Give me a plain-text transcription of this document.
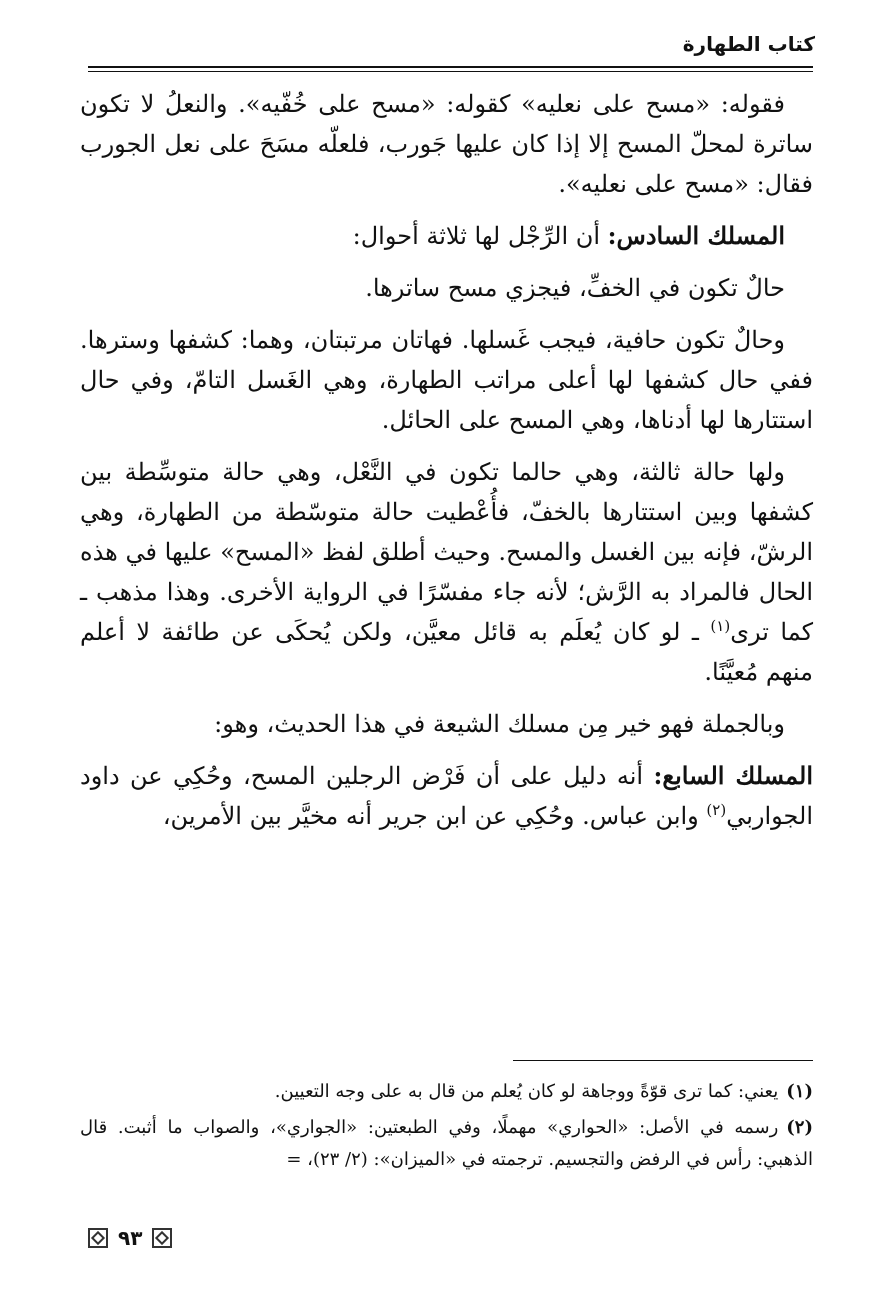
كتاب الطهارة

فقوله: «مسح على نعليه» كقوله: «مسح على خُفّيه». والنعلُ لا تكون ساترة لمحلّ المسح إلا إذا كان عليها جَورب، فلعلّه مسَحَ على نعل الجورب فقال: «مسح على نعليه».

المسلك السادس: أن الرِّجْل لها ثلاثة أحوال:

حالٌ تكون في الخفِّ، فيجزي مسح ساترها.

وحالٌ تكون حافية، فيجب غَسلها. فهاتان مرتبتان، وهما: كشفها وسترها. ففي حال كشفها لها أعلى مراتب الطهارة، وهي الغَسل التامّ، وفي حال استتارها لها أدناها، وهي المسح على الحائل.

ولها حالة ثالثة، وهي حالما تكون في النَّعْل، وهي حالة متوسِّطة بين كشفها وبين استتارها بالخفّ، فأُعْطيت حالة متوسّطة من الطهارة، وهي الرشّ، فإنه بين الغسل والمسح. وحيث أطلق لفظ «المسح» عليها في هذه الحال فالمراد به الرَّش؛ لأنه جاء مفسّرًا في الرواية الأخرى. وهذا مذهب ـ كما ترى$^{(١)}$ ـ لو كان يُعلَم به قائل معيَّن، ولكن يُحكَى عن طائفة لا أعلم منهم مُعيَّنًا.

وبالجملة فهو خير مِن مسلك الشيعة في هذا الحديث، وهو:

المسلك السابع: أنه دليل على أن فَرْض الرجلين المسح، وحُكِي عن داود الجواربي$^{(٢)}$ وابن عباس. وحُكِي عن ابن جرير أنه مخيَّر بين الأمرين،

(١)يعني: كما ترى قوّةً ووجاهة لو كان يُعلم من قال به على وجه التعيين.
(٢)رسمه في الأصل: «الحواري» مهملًا، وفي الطبعتين: «الجواري»، والصواب ما أثبت. قال الذهبي: رأس في الرفض والتجسيم. ترجمته في «الميزان»: (٢/ ٢٣)، =
٩٣
